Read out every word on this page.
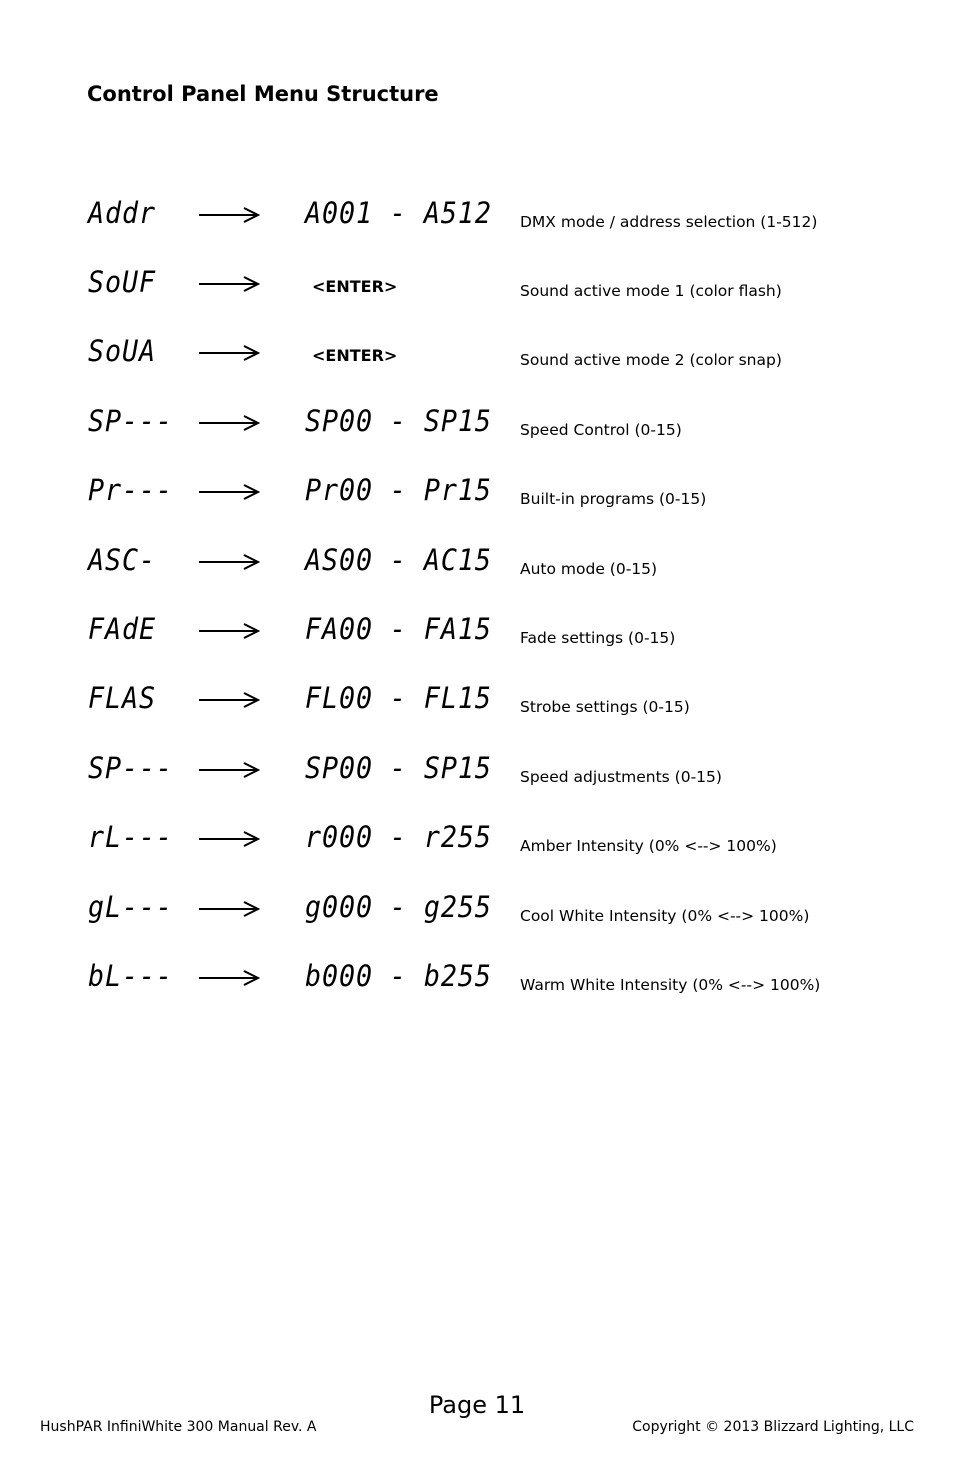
Control Panel Menu Structure
Addr	A001 - A512 DMX mode / address selection (1-512)
SoUF	<ENTER>	Sound active mode 1 (color flash)
SoUA	<ENTER>	Sound active mode 2 (color snap)
SP---	SP00 - SP15 Speed Control (0-15)
Pr---	Pr00 - Pr15 Built-in programs (0-15)
ASC-	AS00 - AC15 Auto mode (0-15)
FAdE	FA00 - FA15 Fade settings (0-15)
FLAS	FL00 - FL15 Strobe settings (0-15)
SP---	SP00 - SP15 Speed adjustments (0-15)
rL---	r000 - r255 Amber Intensity (0% <--> 100%)
gL---	g000 - g255 Cool White Intensity (0% <--> 100%)
bL---	b000 - b255 Warm White Intensity (0% <--> 100%)
Page 11
HushPAR InfiniWhite 300 Manual Rev. A	Copyright © 2013 Blizzard Lighting, LLC
